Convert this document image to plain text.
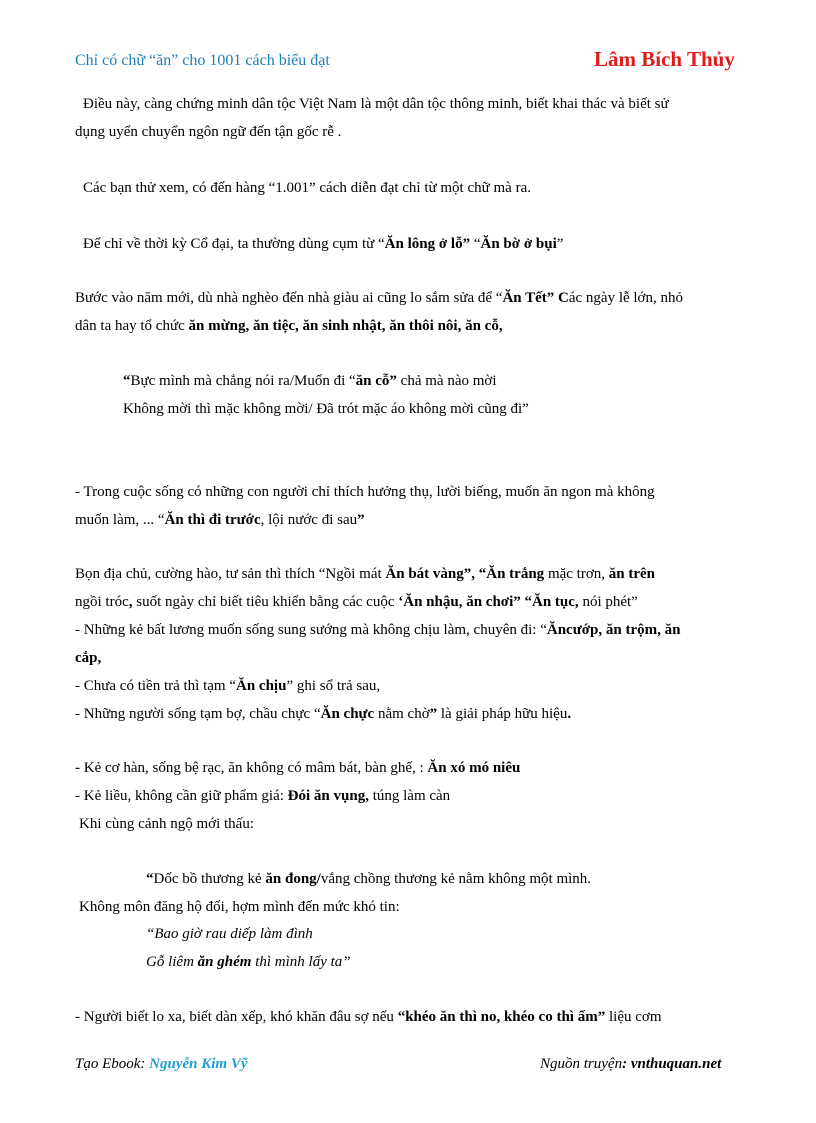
Chỉ có chữ “ăn” cho 1001 cách biểu đạt	Lâm Bích Thủy
Điều này, càng chứng minh dân tộc Việt Nam là một dân tộc thông minh, biết khai thác và biết sử
dụng uyển chuyển ngôn ngữ đến tận gốc rễ .
Các bạn thử xem, có đến hàng “1.001” cách diễn đạt chỉ từ một chữ mà ra.
Để chỉ về thời kỳ Cổ đại, ta thường dùng cụm từ “Ăn lông ở lỗ” “Ăn bờ ở bụi”
Bước vào năm mới, dù nhà nghèo đến nhà giàu ai cũng lo sắm sửa để “Ăn Tết” Các ngày lễ lớn, nhỏ
dân ta hay tổ chức ăn mừng, ăn tiệc, ăn sinh nhật, ăn thôi nôi, ăn cỗ,
“Bực mình mà chẳng nói ra/Muốn đi “ăn cỗ” chả mà nào mời
Không mời thì mặc không mời/ Đã trót mặc áo không mời cũng đi”
- Trong cuộc sống có những con người chỉ thích hưởng thụ, lười biếng, muốn ăn ngon mà không
muốn làm, ... “Ăn thì đi trước, lội nước đi sau”
Bọn địa chủ, cường hào, tư sản thì thích “Ngồi mát Ăn bát vàng”, “Ăn trắng mặc trơn, ăn trên
ngồi tróc, suốt ngày chỉ biết tiêu khiển bằng các cuộc ‘Ăn nhậu, ăn chơi” “Ăn tục, nói phét”
- Những kẻ bất lương muốn sống sung sướng mà không chịu làm, chuyên đi: “Ăncướp, ăn trộm, ăn
cắp,
- Chưa có tiền trả thì tạm “Ăn chịu” ghi sổ trả sau,
- Những người sống tạm bợ, chầu chực “Ăn chực nằm chờ” là giải pháp hữu hiệu.
- Kẻ cơ hàn, sống bệ rạc, ăn không có mâm bát, bàn ghế, : Ăn xó mó niêu
- Kẻ liều, không cần giữ phẩm giá: Đói ăn vụng, túng làm càn
Khi cùng cảnh ngộ mới thấu:
“Dốc bồ thương kẻ ăn đong/vắng chồng thương kẻ nằm không một mình.
Không môn đăng hộ đối, hợm mình đến mức khó tin:
“Bao giờ rau diếp làm đình
Gỗ liêm ăn ghém thì mình lấy ta”
- Người biết lo xa, biết dàn xếp, khó khăn đâu sợ nếu “khéo ăn thì no, khéo co thì ấm” liệu cơm
Tạo Ebook: Nguyễn Kim Vỹ	Nguồn truyện: vnthuquan.net
